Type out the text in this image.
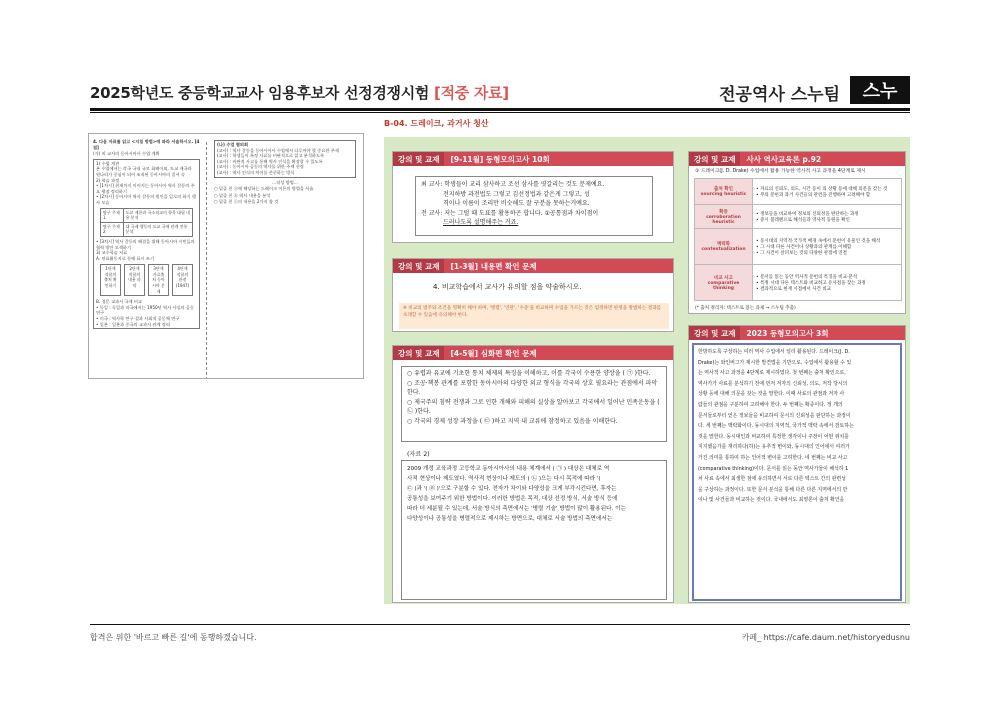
2025학년도 중등학교교사 임용후보자 선정경쟁시험 [적중 자료]	전공역사 스누팀	스누

4. 다음 자료를 읽고 <지침 방법>에 따라 서술하시오. [4점]

(가) 비 교사의 동아시아사 수업 계획

1) 수업 개관
본 수업에서는 각국 국내 규모 화폐이외, 도교 제국과
원나라가 중심이 되어 조직된 동아시아의 질서 속
2) 학습 과정
• [1차시] 현재까지 이어지는 동아시아 역사 갈등의 주요 쟁점 정리하기
• [2차시] 동아시아 역사 갈등의 원인을 일로의 하기 행사 모습
탐구 주제 1	도교 제한과 국소직교의 항목 대립 내용 분석
탐구 주제 2	대 국제 행동의 도교 국제 관계 전통 분석
• [3차시] 역사 갈등의 해결을 위해 동아시아 시민들의 협력 방안 모색하기
3) 교수학습 자료
A. 연표활동지로 등에 표시 쓰기
1단계
작품의 출처 확인하기
2단계
작품의 내용 파악
3단계
자료출처 동아시아 문제
4단계
작품의 관점 (1947)
B. 경문 교과서 국제 비교
• 독일 : 독일과 미국에서는 1950년 역사 사실의 공동연구
• 미국 : 역사학 연구 결과 사회적 공동체 연구
• 일본 : 일본과 중국의 교과서 관계 정리
(나) 수업 협의회
(교사) : 역사 갈등을 동아시아사 수업에서 다루어야 할 중요한 주제
(교사) : 학생들이 특정 사료를 비판적으로 읽고 분석하도록
(교사) : 비판적 사고를 통해 역사 인식을 확장할 수 있도록
(교사) : 동아시아 공동의 역사를 위한 주제 선정
(교사) : 역사 인식의 차이를 존중하는 방식

…작성 방법…

○ 밑줄 친 ⓐ에 해당하는 드레이크 이론의 방법을 서술

○ 밑줄 친 ⓑ 역사 내용을 분석

○ 밑줄 친 ⓒ의 내용을 2가지 쓸 것

B-04. 드레이크, 과거사 청산
강의 및 교재	[9-11월] 동형모의고사 10회
최 교사: 학생들이 교리 삼사하고 조선 삼사를 엿갈리는 것도 문제예요.
전지하방 과전법도 그렇고 김선정법과 같은게 그렇고, 성
격이나 이름이 조리만 비슷해도 잘 구분을 못하는거예요.
전 교사: 저는 그럴 때 도표를 활용하곤 합니다. ①공통점과 차이점이
드러나도록 설명해주는 거죠.
강의 및 교재	[1-3월] 내용편 확인 문제
4. 비교학습에서 교사가 유의할 점을 약술하시오.
※ 비교의 범주와 조건을 명확히 해야 하며, '병렬', '연관', '수준'을 비교하며 수업을 가르는 것은 엄정하면 판정을 방법하는 결과를 초래할 수 있음에 유의해야 한다.
강의 및 교재	[4-5월] 심화편 확인 문제
○ 유렵과 유교에 기초한 통치 체제의 특징을 이해하고, 이를 각국이 수용한 양상을 ( ㉠ )한다.
○ 조공·책봉 관계를 포함한 동아시아의 다양한 외교 형식을 각국의 상호 필요라는 관점에서 파악한다.
○ 제국주의 침략 전쟁과 그로 인한 개해와 피해의 실상을 알아보고 각국에서 일어난 민족운동을 ( ㉡ )한다.
○ 각국의 경제 성장 과정을 ( ㉢ )하고 지역 내 교류에 참정하고 있음을 이해한다.
(자료 2)
2009 개정 교육과정 고등학교 동아시아사의 내용 체계에서 ( ㉠ ) 대상은 대체로 역
사적 현상이나 제도였다. 역사적 현상이나 제도의 ( ㉡ )으는 다시 목적에 따라 '(
㉢ )과 '( ㉣ )'으로 구분할 수 있다. 전자가 차이와 다양성을 크게 부각시킨다면, 후자는
공통성을 보여주기 위한 방법이다. 이러한 방법은 목적, 대상 선정 방식, 서술 방식 등에
따라 더 세분될 수 있는데, 서술 방식의 측면에서는 '병렬 기술' 방법이 많이 활용된다. 이는
다양성이나 공통성을 병렬적으로 제시하는 방면으로, 대체로 서술 방법의 측면에서는
강의 및 교재	사사 역사교육론 p.92
① 드레이크(J. D. Drake) 수업에서 활용 가능한 역사적 사고 과정을 4단계로 제시
출처 확인
sourcing heuristic	• 자료의 신뢰도, 의도, 시간 등이 의 상황 등에 대해 의문을 갖는 것
• 무의 문헌과 과거 사건들의 관련을 진행하며 고려해야 함
확증
corroboration heuristic	• 정보들을 비교하여 정보의 신뢰성을 판단하는 과정
• 증시 불레렌으로 해석들과 역사적 동원을 확인
맥락화
contextualization	• 동시대의 지역적·국가적 배경 속에서 문헌이 유물인 것을 해석
• 그 시대 다른 사건이나 상황과의 관계를 이해함
• 그 사건이 살펴보는 것의 다양한 관점에 연결
비교 사고
comparative thinking	• 문서를 읽는 동안 역사적 문헌의 특징을 비교·분석
• 특정 시대 다른 텍스트와 비교하고 유사점을 찾는 과정
• 결과적으로 현재 시점에서 사건 비교
(* 출처 정리자: 텍스트로 읽는 과제 → 스누팀 추출)
강의 및 교재	2023 동형모의고사 3회
한방하도록 구상하는 여러 역사 수업에서 널리 활용된다. 드레이크(J. D.
Drake)는 와인버그가 제시한 발견법을 기반으로, 수업에서 활용할 수 있
는 역사적 사고 과정을 4단계로 제시하였다. 첫 번째는 출처 확인으로,
역사가가 사료를 분석하기 전에 먼저 저자의 신뢰성, 의도, 저작 당시의
상황 등에 대해 의문을 갖는 것을 말한다. 이때 사료의 관점과 저자 사
람들의 관점을 구분하여 고려해야 한다. 두 번째는 확증이다. 정 개의
문서들로부터 얻은 정보들을 비교하여 문서의 신뢰성을 판단하는 과정이
다. 세 번째는 맥락화이다. 동시대의 지역적, 국가적 맥락 속에서 검토하는
것을 말한다. 동시대인과 비교하여 특정한 생각이나 주장이 어떤 위치를
지지했음가를 재리하다(하)는 유추적 변이와, 동시대의 인어에서 여러가
가진 의미를 통하여 하는 인어적 변이를 고려한다. 네 번째는 비교 사고
(comparative thinking)이다. 문서를 읽는 동안 역사가들이 해석하 1
차 사료 속에서 최생한 점에 유의하면서 서로 다른 텍스트 간의 관련성
을 구상하는 과정이다. 또한 문서 분석을 통해 다른 다른 지역에서의 만
이나 및 사건들과 비교하는 것이다. 국내에서도 최영론이 출처 확인을
합격은 위한 '바르고 빠른 길'에 동행하겠습니다.	카페_ https://cafe.daum.net/historyedusnu
